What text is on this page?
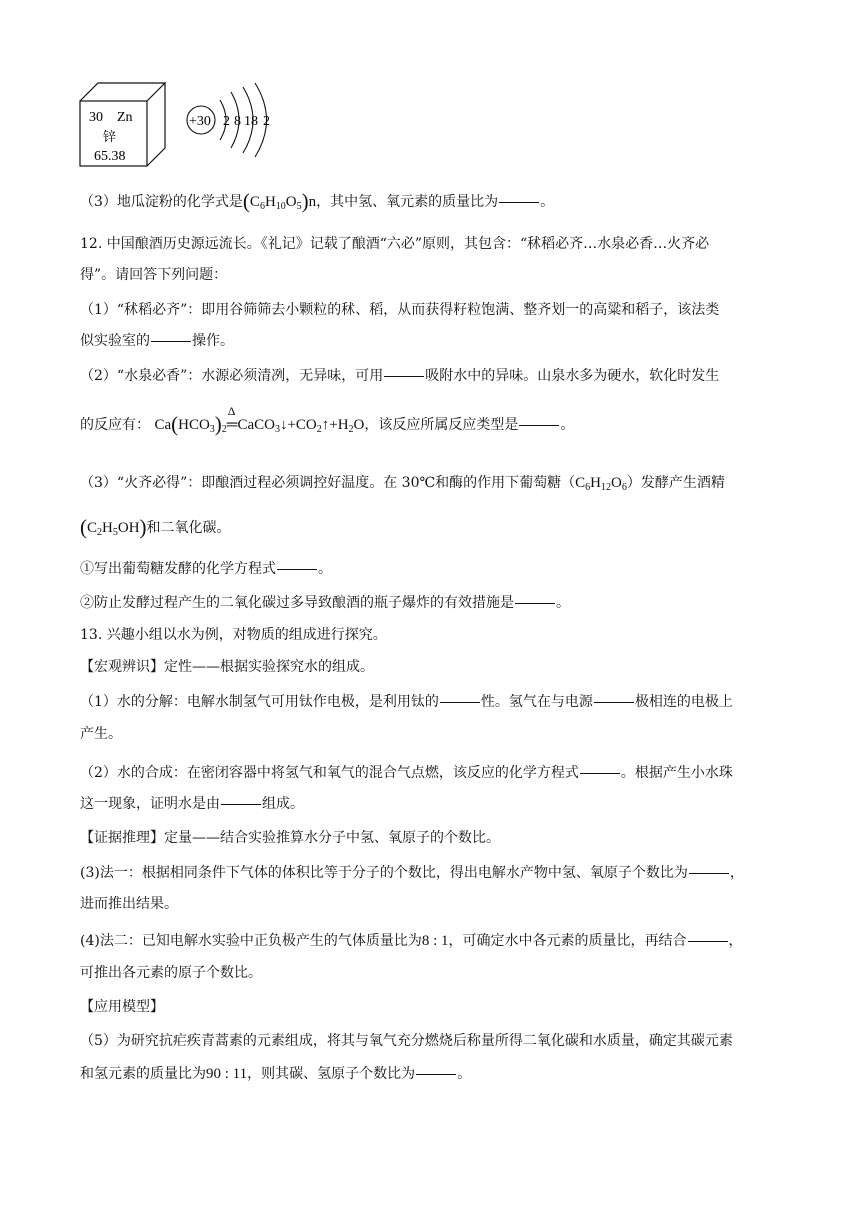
30 Zn
锌
65.38
+30 2 8 18 2
（3）地瓜淀粉的化学式是$(C_6H_{10}O_5)n$，其中氢、氧元素的质量比为	。
12. 中国酿酒历史源远流长。《礼记》记载了酿酒“六必”原则，其包含：“秫稻必齐…水泉必香…火齐必
得”。请回答下列问题：
（1）“秫稻必齐”：即用谷筛筛去小颗粒的秫、稻，从而获得籽粒饱满、整齐划一的高粱和稻子，该法类
似实验室的	操作。
（2）“水泉必香”：水源必须清冽，无异味，可用	吸附水中的异味。山泉水多为硬水，软化时发生
的反应有： $Ca(HCO_3)_2$
Δ
$═CaCO_3↓+CO_2↑+H_2O$，该反应所属反应类型是	。
（3）“火齐必得”：即酿酒过程必须调控好温度。在 30℃和酶的作用下葡萄糖$(C_6H_{12}O_6)$发酵产生酒精
$(C_2H_5OH)$和二氧化碳。
①写出葡萄糖发酵的化学方程式	。
②防止发酵过程产生的二氧化碳过多导致酿酒的瓶子爆炸的有效措施是	。
13. 兴趣小组以水为例，对物质的组成进行探究。
【宏观辨识】定性——根据实验探究水的组成。
（1）水的分解：电解水制氢气可用钛作电极，是利用钛的	性。氢气在与电源	极相连的电极上
产生。
（2）水的合成：在密闭容器中将氢气和氧气的混合气点燃，该反应的化学方程式	。根据产生小水珠
这一现象，证明水是由	组成。
【证据推理】定量——结合实验推算水分子中氢、氧原子的个数比。
(3)法一：根据相同条件下气体的体积比等于分子的个数比，得出电解水产物中氢、氧原子个数比为	，
进而推出结果。
(4)法二：已知电解水实验中正负极产生的气体质量比为8 : 1，可确定水中各元素的质量比，再结合	，
可推出各元素的原子个数比。
【应用模型】
（5）为研究抗疟疾青蒿素的元素组成，将其与氧气充分燃烧后称量所得二氧化碳和水质量，确定其碳元素
和氢元素的质量比为90 : 11，则其碳、氢原子个数比为	。
